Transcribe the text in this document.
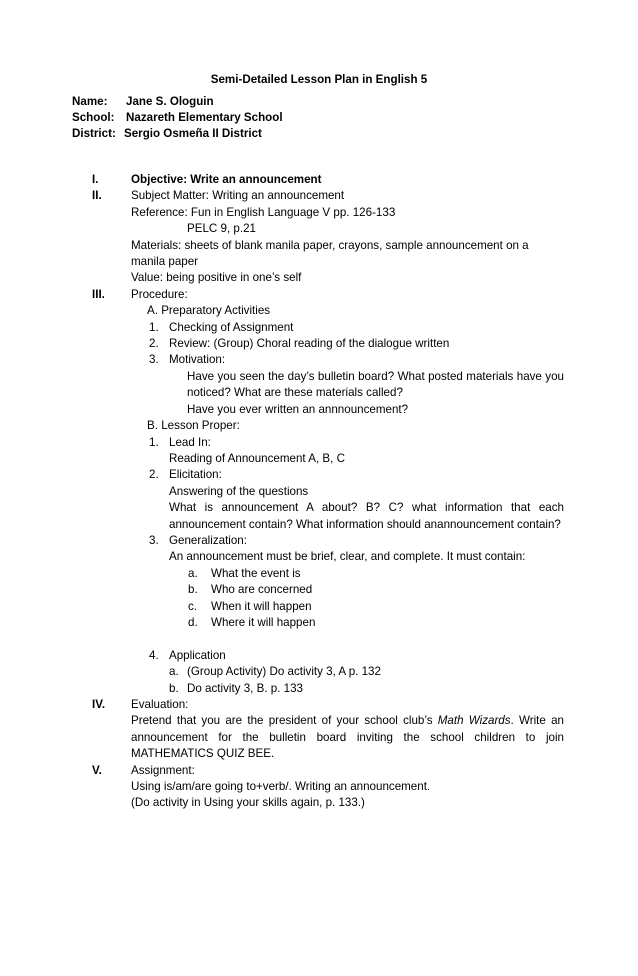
Semi-Detailed Lesson Plan in English 5
Name: Jane S. Ologuin
School: Nazareth Elementary School
District: Sergio Osmeña II District
I.	Objective: Write an announcement
II.	Subject Matter: Writing an announcement
Reference: Fun in English Language V pp. 126-133
PELC 9, p.21
Materials: sheets of blank manila paper, crayons, sample announcement on a manila paper
Value: being positive in one’s self
III. Procedure:
A. Preparatory Activities
1. Checking of Assignment
2. Review: (Group) Choral reading of the dialogue written
3. Motivation:
Have you seen the day’s bulletin board? What posted materials have you noticed? What are these materials called?
Have you ever written an annnouncement?
B. Lesson Proper:
1. Lead In:
Reading of Announcement A, B, C
2. Elicitation:
Answering of the questions
What is announcement A about? B? C? what information that each announcement contain? What information should anannouncement contain?
3. Generalization:
An announcement must be brief, clear, and complete. It must contain:
a. What the event is
b. Who are concerned
c. When it will happen
d. Where it will happen
4. Application
a. (Group Activity) Do activity 3, A p. 132
b. Do activity 3, B. p. 133
IV. Evaluation:
Pretend that you are the president of your school club’s Math Wizards. Write an announcement for the bulletin board inviting the school children to join MATHEMATICS QUIZ BEE.
V.	Assignment:
Using is/am/are going to+verb/. Writing an announcement.
(Do activity in Using your skills again, p. 133.)
